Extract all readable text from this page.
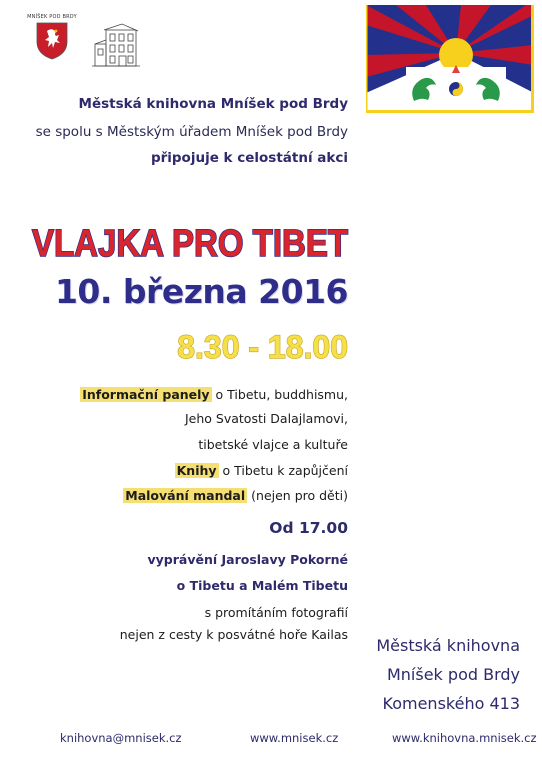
MNÍŠEK POD BRDY
Městská knihovna Mníšek pod Brdy
se spolu s Městským úřadem Mníšek pod Brdy
připojuje k celostátní akci
VLAJKA PRO TIBET
10. března 2016
8.30 - 18.00
Informační panely o Tibetu, buddhismu,
Jeho Svatosti Dalajlamovi,
tibetské vlajce a kultuře
Knihy o Tibetu k zapůjčení
Malování mandal (nejen pro děti)
Od 17.00
vyprávění Jaroslavy Pokorné
o Tibetu a Malém Tibetu
s promítáním fotografií
nejen z cesty k posvátné hoře Kailas
Městská knihovna
Mníšek pod Brdy
Komenského 413
knihovna@mnisek.cz	www.mnisek.cz	www.knihovna.mnisek.cz
